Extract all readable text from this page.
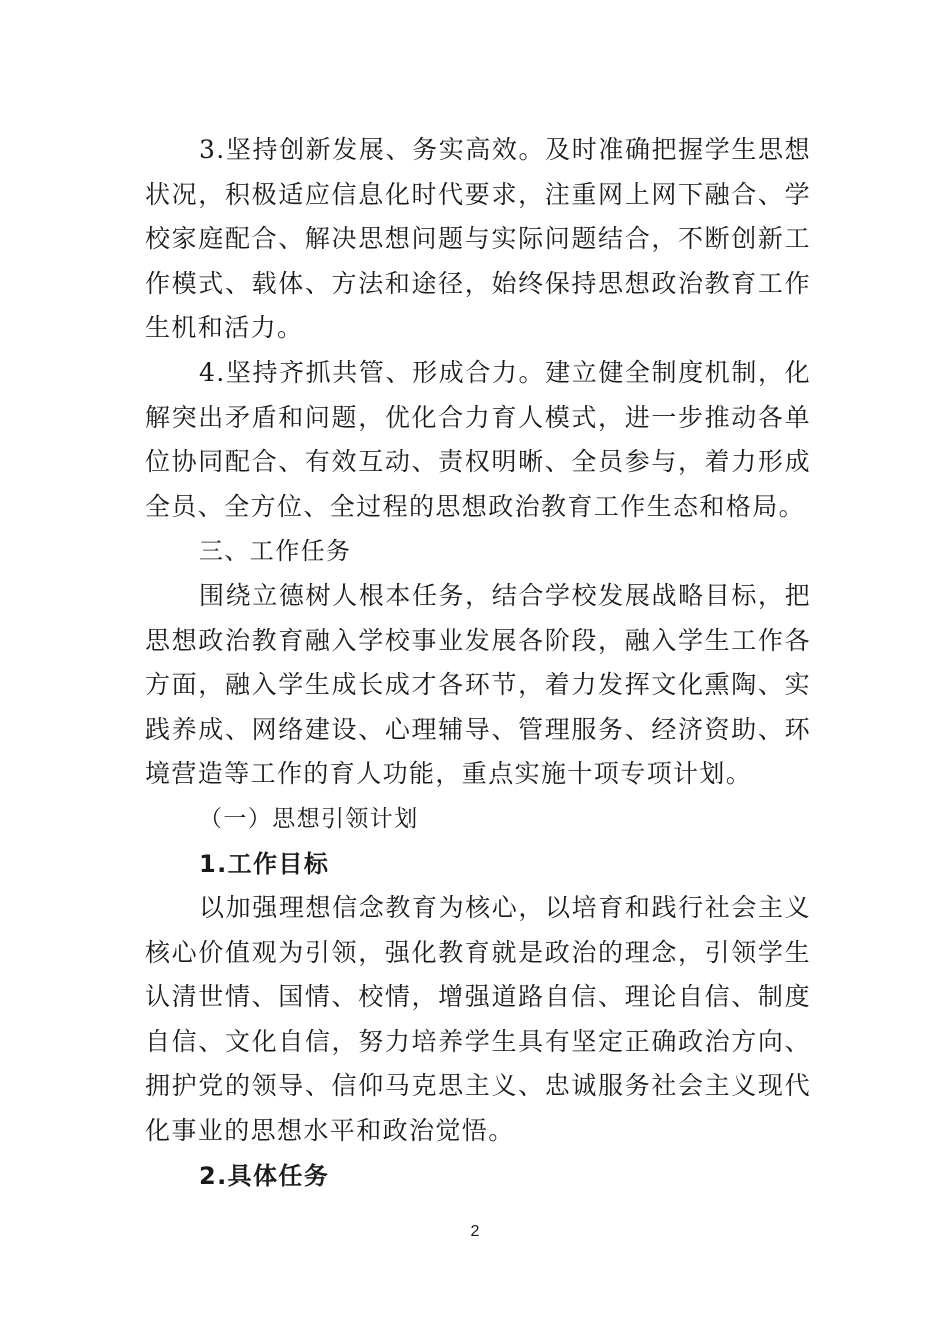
3.坚持创新发展、务实高效。及时准确把握学生思想状况，积极适应信息化时代要求，注重网上网下融合、学校家庭配合、解决思想问题与实际问题结合，不断创新工作模式、载体、方法和途径，始终保持思想政治教育工作生机和活力。

4.坚持齐抓共管、形成合力。建立健全制度机制，化解突出矛盾和问题，优化合力育人模式，进一步推动各单位协同配合、有效互动、责权明晰、全员参与，着力形成全员、全方位、全过程的思想政治教育工作生态和格局。

三、工作任务

围绕立德树人根本任务，结合学校发展战略目标，把思想政治教育融入学校事业发展各阶段，融入学生工作各方面，融入学生成长成才各环节，着力发挥文化熏陶、实践养成、网络建设、心理辅导、管理服务、经济资助、环境营造等工作的育人功能，重点实施十项专项计划。

（一）思想引领计划

1.工作目标

以加强理想信念教育为核心，以培育和践行社会主义核心价值观为引领，强化教育就是政治的理念，引领学生认清世情、国情、校情，增强道路自信、理论自信、制度自信、文化自信，努力培养学生具有坚定正确政治方向、拥护党的领导、信仰马克思主义、忠诚服务社会主义现代化事业的思想水平和政治觉悟。

2.具体任务

2
